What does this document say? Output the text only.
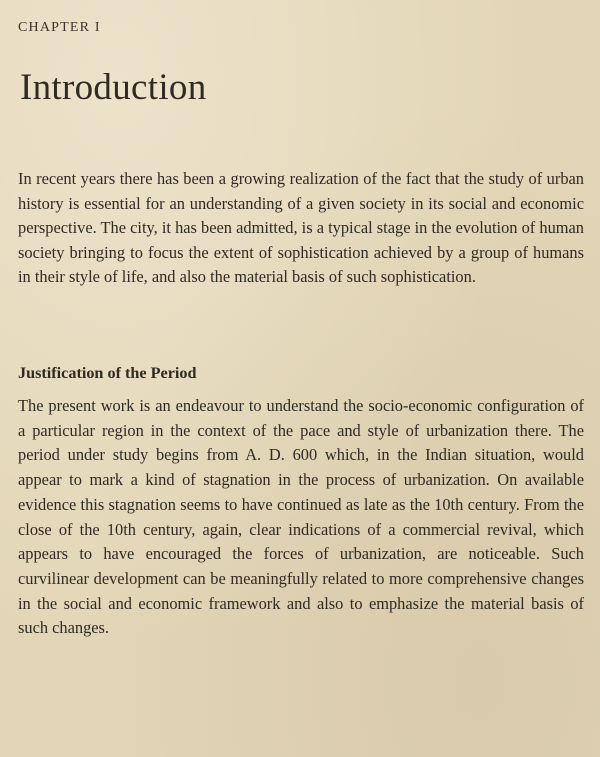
CHAPTER I
Introduction

In recent years there has been a growing realization of the fact that the study of urban history is essential for an understanding of a given society in its social and economic perspective. The city, it has been admitted, is a typical stage in the evolution of human society bringing to focus the extent of sophistication achieved by a group of humans in their style of life, and also the material basis of such sophistication.

Justification of the Period

The present work is an endeavour to understand the socio-economic configuration of a particular region in the context of the pace and style of urbanization there. The period under study begins from A. D. 600 which, in the Indian situation, would appear to mark a kind of stagnation in the process of urbanization. On available evidence this stagnation seems to have continued as late as the 10th century. From the close of the 10th century, again, clear indications of a commercial revival, which appears to have encouraged the forces of urbanization, are noticeable. Such curvilinear development can be meaningfully related to more comprehensive changes in the social and economic framework and also to emphasize the material basis of such changes.
